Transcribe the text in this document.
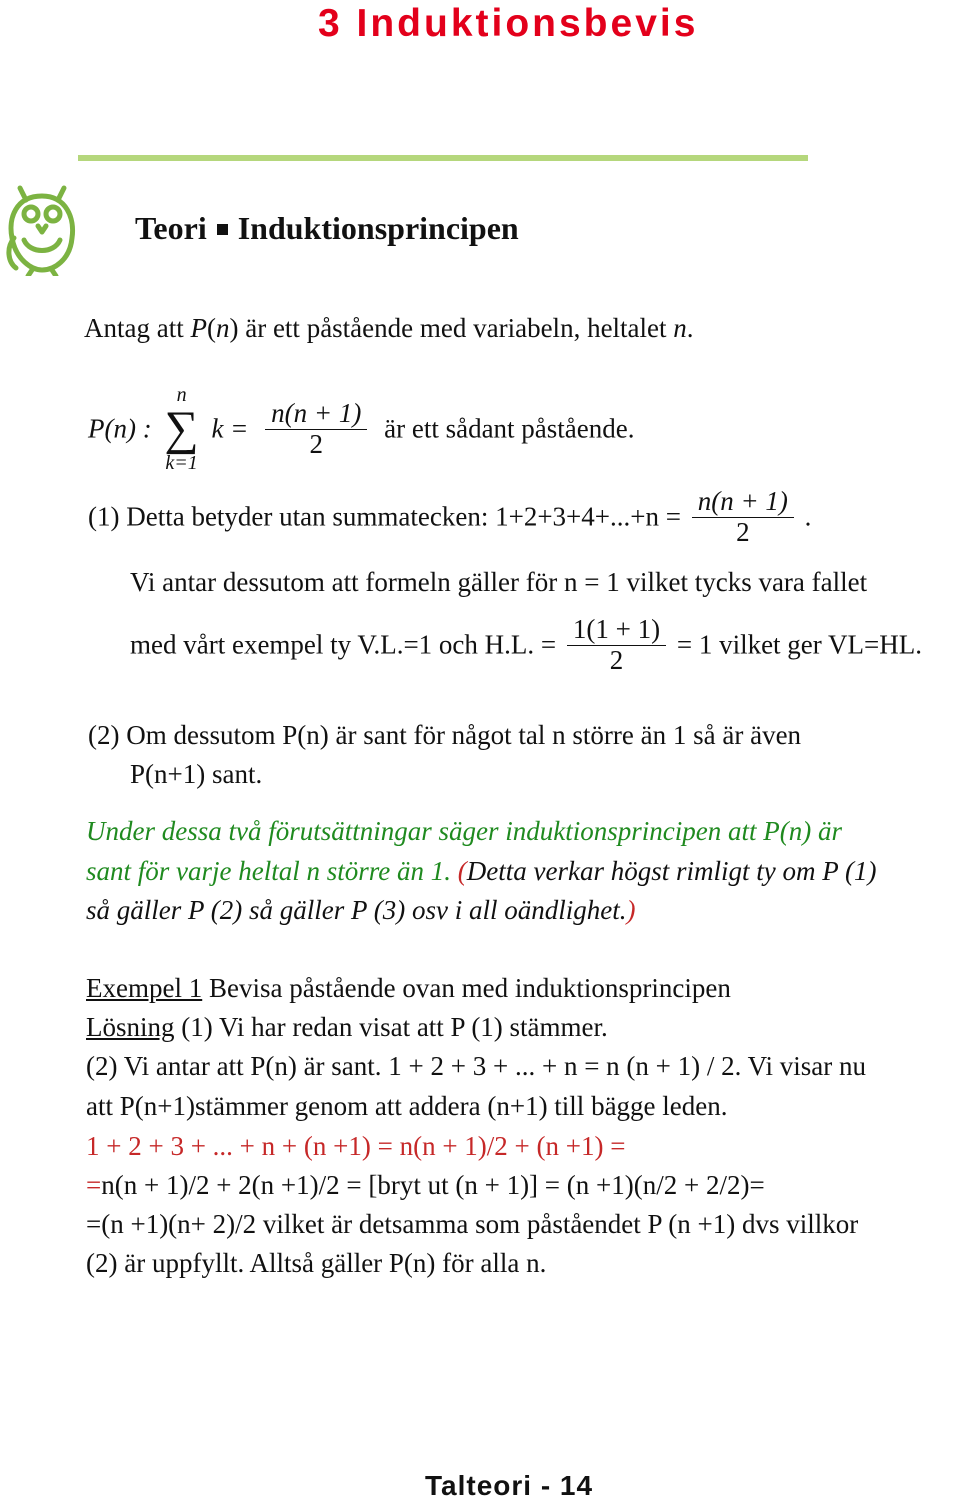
3 Induktionsbevis
Teori Induktionsprincipen
Antag att P(n) är ett påstående med variabeln, heltalet n.
P(n) :
n
∑
k=1
$k = \frac{n(n + 1)}{2}$ är ett sådant påstående.
(1) Detta betyder utan summatecken: $1+2+3+4+...+n = \frac{n(n + 1)}{2}$ .
Vi antar dessutom att formeln gäller för n = 1 vilket tycks vara fallet
med vårt exempel ty V.L.=1 och H.L. = $\frac{1(1 + 1)}{2} = 1$ vilket ger VL=HL.
(2) Om dessutom P(n) är sant för något tal n större än 1 så är även
P(n+1) sant.
Under dessa två förutsättningar säger induktionsprincipen att P(n) är
sant för varje heltal n större än 1. (Detta verkar högst rimligt ty om P (1)
så gäller P (2) så gäller P (3) osv i all oändlighet.)
Exempel 1 Bevisa påstående ovan med induktionsprincipen
Lösning (1) Vi har redan visat att P (1) stämmer.
(2) Vi antar att P(n) är sant. 1 + 2 + 3 + ... + n = n (n + 1) / 2. Vi visar nu
att P(n+1)stämmer genom att addera (n+1) till bägge leden.
1 + 2 + 3 + ... + n + (n +1) = n(n + 1)/2 + (n +1) =
=n(n + 1)/2 + 2(n +1)/2 = [bryt ut (n + 1)] = (n +1)(n/2 + 2/2)=
=(n +1)(n+ 2)/2 vilket är detsamma som påståendet P (n +1) dvs villkor
(2) är uppfyllt. Alltså gäller P(n) för alla n.
Talteori - 14
